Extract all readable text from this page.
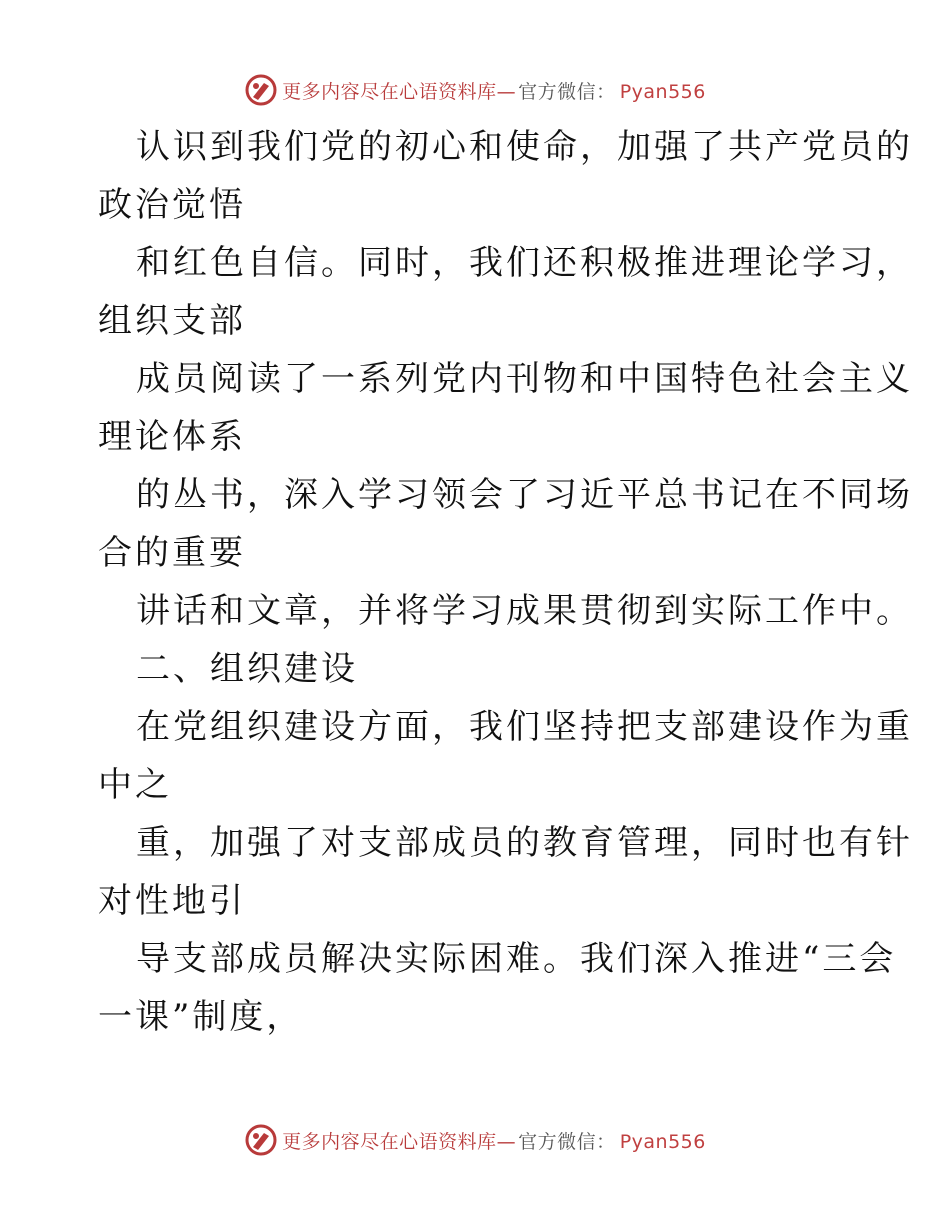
更多内容尽在心语资料库— 官方微信： Pyan556
认识到我们党的初心和使命，加强了共产党员的
政治觉悟
和红色自信。同时，我们还积极推进理论学习，
组织支部
成员阅读了一系列党内刊物和中国特色社会主义
理论体系
的丛书，深入学习领会了习近平总书记在不同场
合的重要
讲话和文章，并将学习成果贯彻到实际工作中。
二、组织建设
在党组织建设方面，我们坚持把支部建设作为重
中之
重，加强了对支部成员的教育管理，同时也有针
对性地引
导支部成员解决实际困难。我们深入推进“三会
一课”制度，
更多内容尽在心语资料库— 官方微信： Pyan556
